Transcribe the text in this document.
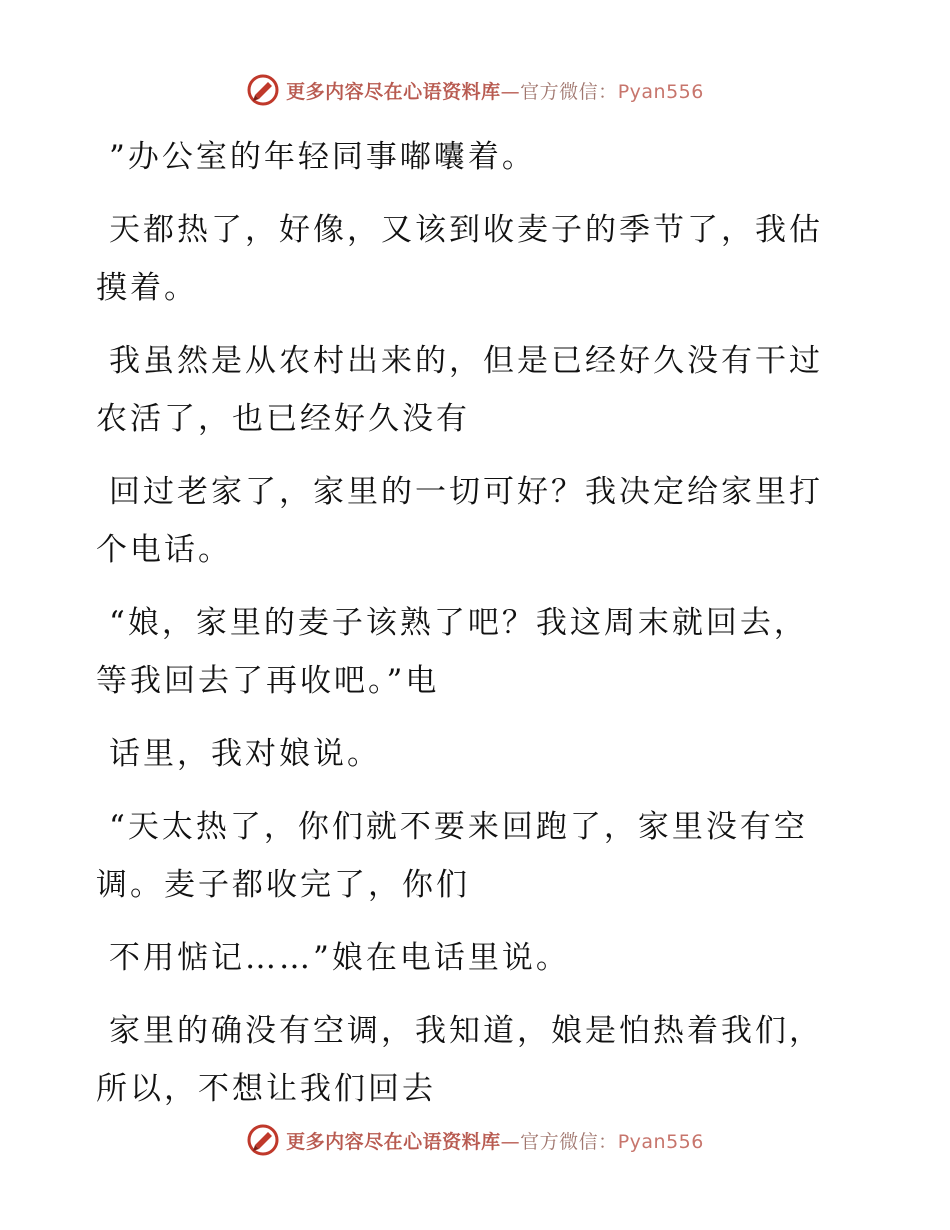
更多内容尽在心语资料库—官方微信：Pyan556

”办公室的年轻同事嘟囔着。

天都热了，好像，又该到收麦子的季节了，我估
摸着。

我虽然是从农村出来的，但是已经好久没有干过
农活了，也已经好久没有

回过老家了，家里的一切可好？我决定给家里打
个电话。

“娘，家里的麦子该熟了吧？我这周末就回去，
等我回去了再收吧。”电

话里，我对娘说。

“天太热了，你们就不要来回跑了，家里没有空
调。麦子都收完了，你们

不用惦记……”娘在电话里说。

家里的确没有空调，我知道，娘是怕热着我们，
所以，不想让我们回去

更多内容尽在心语资料库—官方微信：Pyan556
